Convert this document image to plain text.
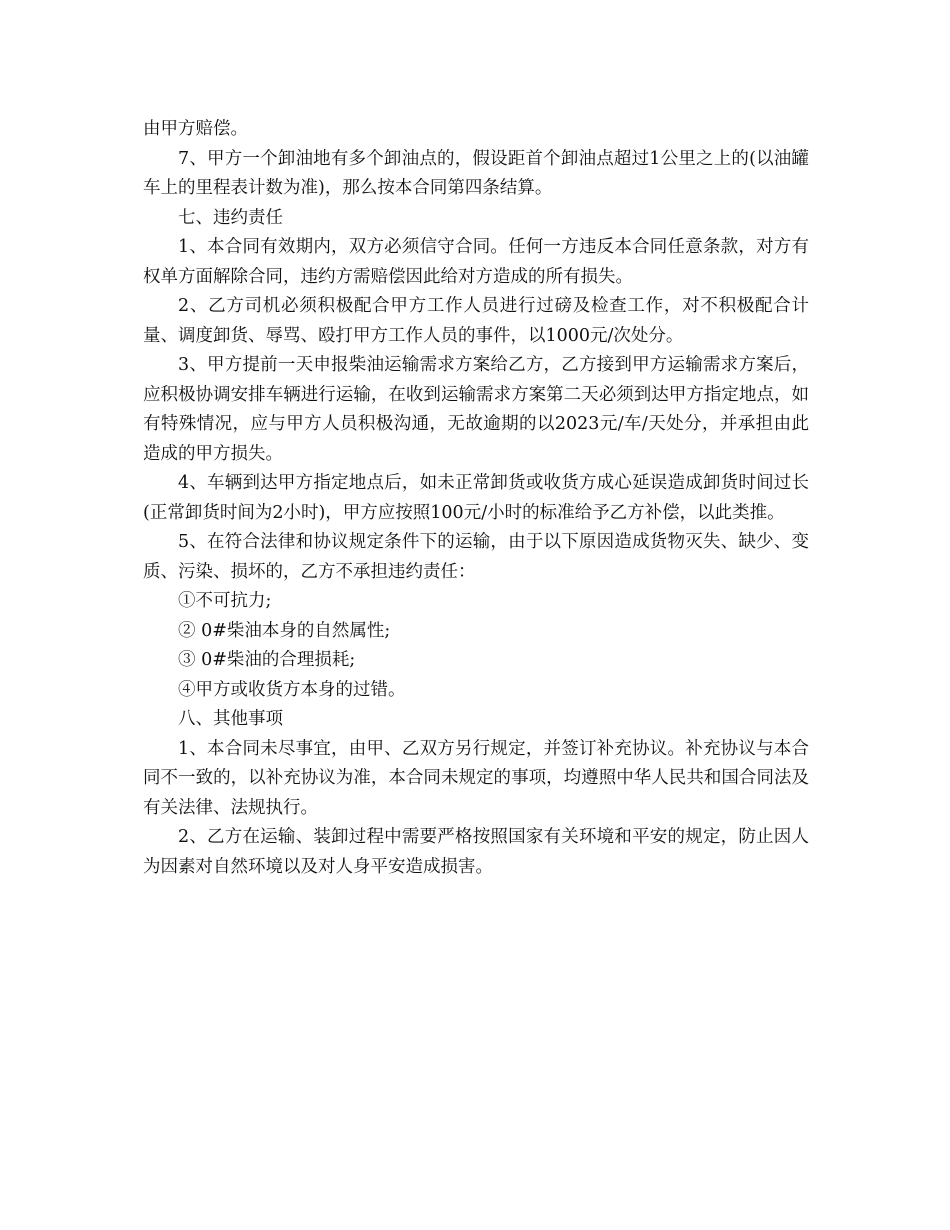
由甲方赔偿。

7、甲方一个卸油地有多个卸油点的，假设距首个卸油点超过1公里之上的(以油罐车上的里程表计数为准)，那么按本合同第四条结算。

七、违约责任

1、本合同有效期内，双方必须信守合同。任何一方违反本合同任意条款，对方有权单方面解除合同，违约方需赔偿因此给对方造成的所有损失。

2、乙方司机必须积极配合甲方工作人员进行过磅及检查工作，对不积极配合计量、调度卸货、辱骂、殴打甲方工作人员的事件，以1000元/次处分。

3、甲方提前一天申报柴油运输需求方案给乙方，乙方接到甲方运输需求方案后，应积极协调安排车辆进行运输，在收到运输需求方案第二天必须到达甲方指定地点，如有特殊情况，应与甲方人员积极沟通，无故逾期的以2023元/车/天处分，并承担由此造成的甲方损失。

4、车辆到达甲方指定地点后，如未正常卸货或收货方成心延误造成卸货时间过长(正常卸货时间为2小时)，甲方应按照100元/小时的标准给予乙方补偿，以此类推。

5、在符合法律和协议规定条件下的运输，由于以下原因造成货物灭失、缺少、变质、污染、损坏的，乙方不承担违约责任：

①不可抗力;

② 0#柴油本身的自然属性;

③ 0#柴油的合理损耗;

④甲方或收货方本身的过错。

八、其他事项

1、本合同未尽事宜，由甲、乙双方另行规定，并签订补充协议。补充协议与本合同不一致的，以补充协议为准，本合同未规定的事项，均遵照中华人民共和国合同法及有关法律、法规执行。

2、乙方在运输、装卸过程中需要严格按照国家有关环境和平安的规定，防止因人为因素对自然环境以及对人身平安造成损害。
